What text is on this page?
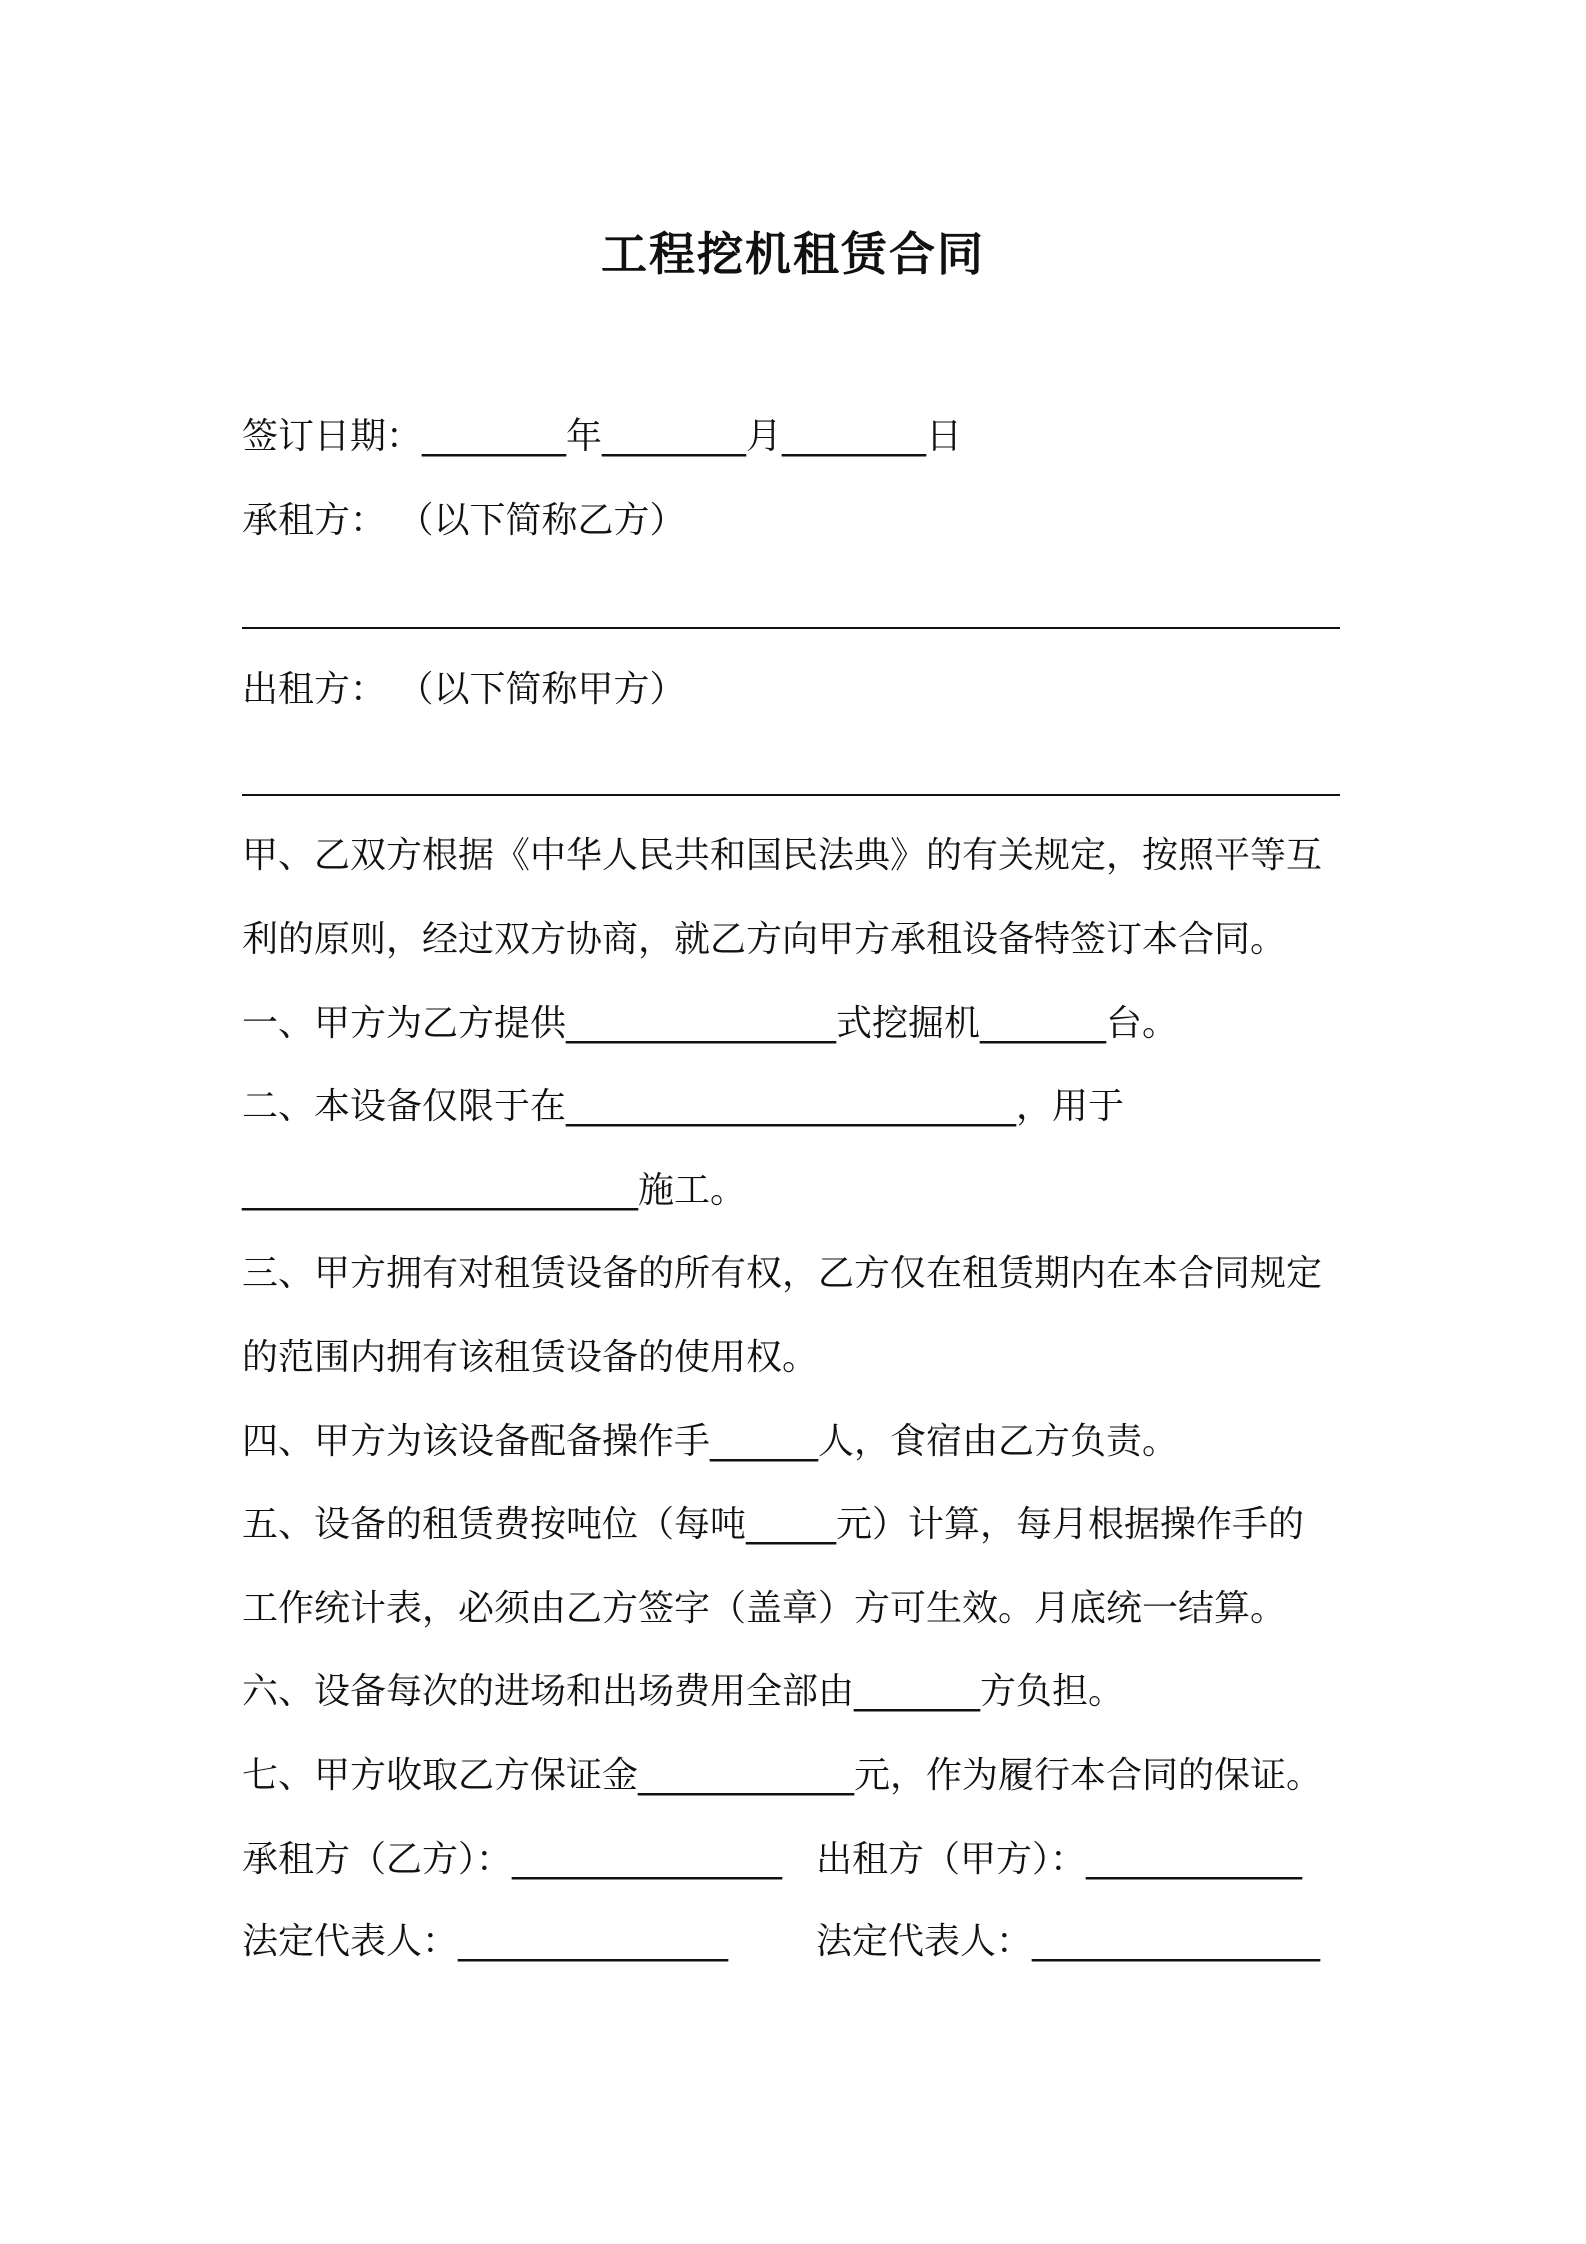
工程挖机租赁合同
签订日期：________年________月________日
承租方： （以下简称乙方）
出租方： （以下简称甲方）
甲、乙双方根据《中华人民共和国民法典》的有关规定，按照平等互
利的原则，经过双方协商，就乙方向甲方承租设备特签订本合同。
一、甲方为乙方提供_______________式挖掘机_______台。
二、本设备仅限于在_________________________，用于
______________________施工。
三、甲方拥有对租赁设备的所有权，乙方仅在租赁期内在本合同规定
的范围内拥有该租赁设备的使用权。
四、甲方为该设备配备操作手______人，食宿由乙方负责。
五、设备的租赁费按吨位（每吨_____元）计算，每月根据操作手的
工作统计表，必须由乙方签字（盖章）方可生效。月底统一结算。
六、设备每次的进场和出场费用全部由_______方负担。
七、甲方收取乙方保证金____________元，作为履行本合同的保证。
承租方（乙方）：_______________ 出租方（甲方）：____________
法定代表人：_______________ 法定代表人：________________
